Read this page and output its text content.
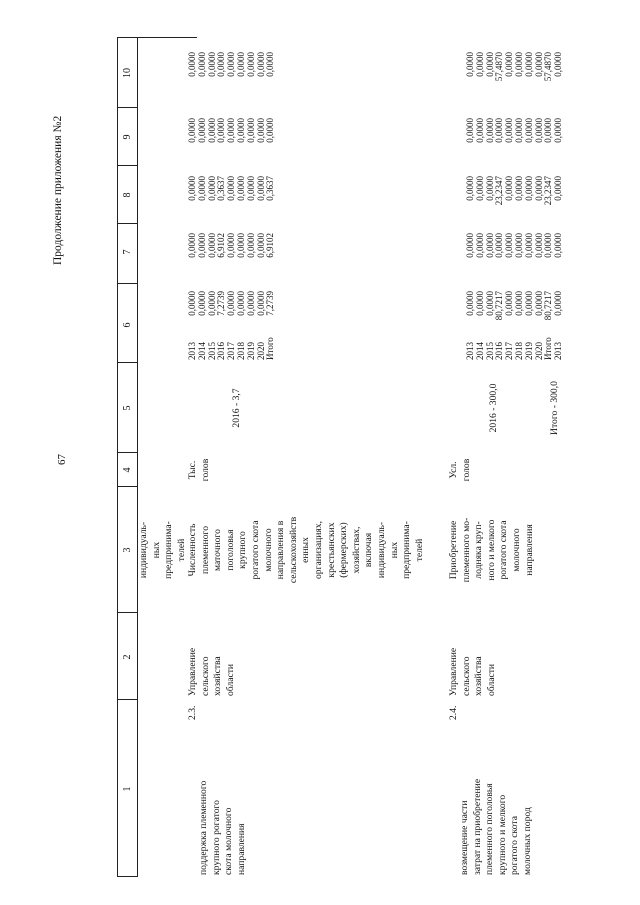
67
Продолжение приложения №2
1
2
3
4
5
6
7
8
9
10
индивидуаль-
ных
предпринима-
телей
2.3.
поддержка племенного
крупного рогатого
скота молочного
направления
Управление
сельского
хозяйства
области
Численность
племенного
маточного
поголовья
крупного
рогатого скота
молочного
направления в
сельскохозяйств
енных
организациях,
крестьянских
(фермерских)
хозяйствах,
включая
индивидуаль-
ных
предпринима-
телей
Тыс.
голов
2016 - 3,7
2013 2014 2015 2016 2017 2018 2019 2020 Итого
0,0000 0,0000 0,0000 7,2739 0,0000 0,0000 0,0000 0,0000 7,2739
0,0000 0,0000 0,0000 6,9102 0,0000 0,0000 0,0000 0,0000 6,9102
0,0000 0,0000 0,0000 0,3637 0,0000 0,0000 0,0000 0,0000 0,3637
0,0000 0,0000 0,0000 0,0000 0,0000 0,0000 0,0000 0,0000 0,0000
0,0000 0,0000 0,0000 0,0000 0,0000 0,0000 0,0000 0,0000 0,0000
2.4.
возмещение части
затрат на приобретение
племенного поголовья
крупного и мелкого
рогатого скота
молочных пород
Управление
сельского
хозяйства
области
Приобретение
племенного мо-
лодняка круп-
ного и мелкого
рогатого скота
молочного
направления
Усл.
голов
2016 - 300,0	Итого - 300,0
2013 2014 2015 2016 2017 2018 2019 2020 Итого 2013
0,0000 0,0000 0,0000 80,7217 0,0000 0,0000 0,0000 0,0000 80,7217 0,0000
0,0000 0,0000 0,0000 0,0000 0,0000 0,0000 0,0000 0,0000 0,0000 0,0000
0,0000 0,0000 0,0000 23,2347 0,0000 0,0000 0,0000 0,0000 23,2347 0,0000
0,0000 0,0000 0,0000 0,0000 0,0000 0,0000 0,0000 0,0000 0,0000 0,0000
0,0000 0,0000 0,0000 57,4870 0,0000 0,0000 0,0000 0,0000 57,4870 0,0000
